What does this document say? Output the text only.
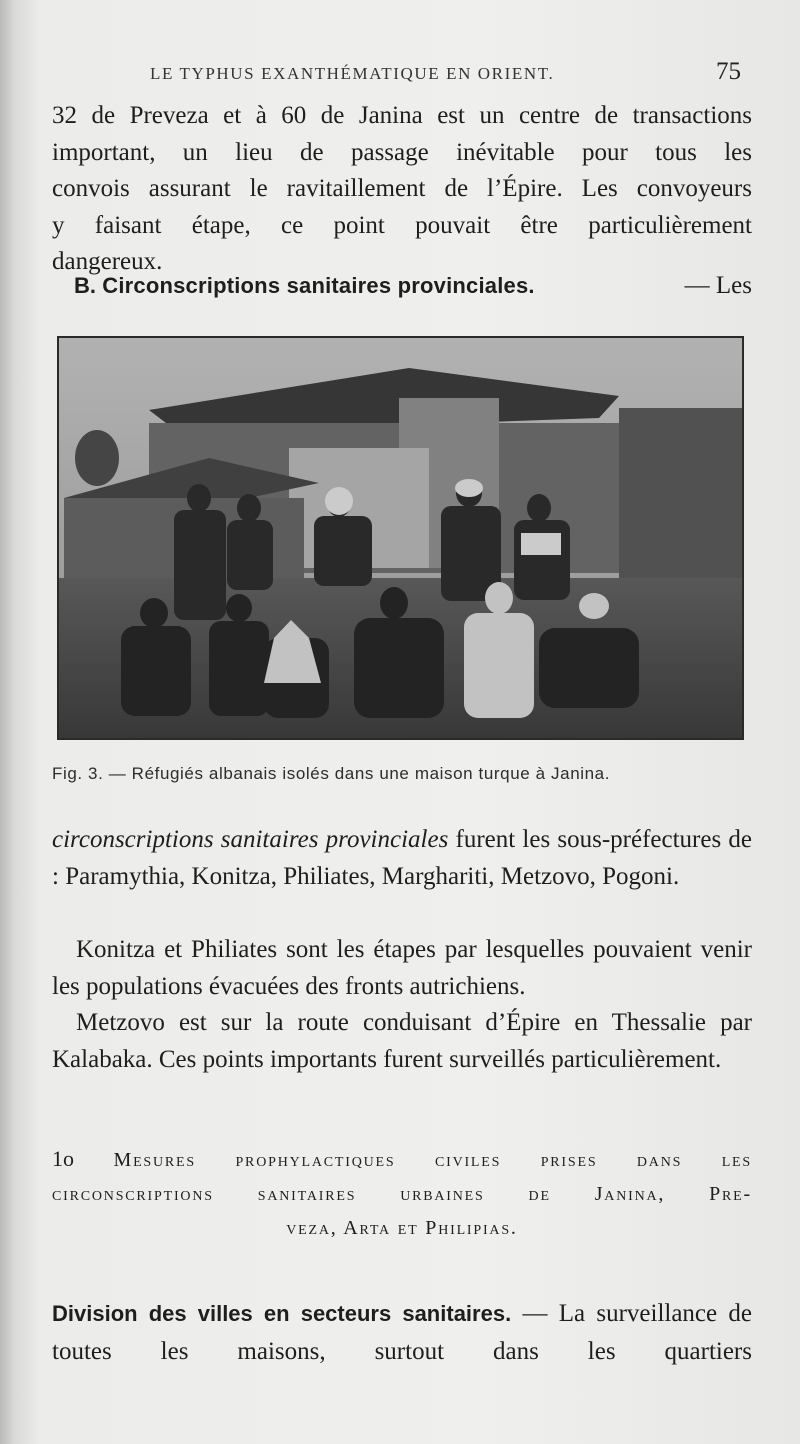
LE TYPHUS EXANTHÉMATIQUE EN ORIENT.	75

32 de Preveza et à 60 de Janina est un centre de transactions

important, un lieu de passage inévitable pour tous les

convois assurant le ravitaillement de l’Épire. Les convoyeurs

y faisant étape, ce point pouvait être particulièrement

dangereux.

B. Circonscriptions sanitaires provinciales.	— Les
Fig. 3. — Réfugiés albanais isolés dans une maison turque à Janina.

circonscriptions sanitaires provinciales furent les sous-préfectures de : Paramythia, Konitza, Philiates, Marghariti, Metzovo, Pogoni.

Konitza et Philiates sont les étapes par lesquelles pouvaient venir les populations évacuées des fronts autrichiens.

Metzovo est sur la route conduisant d’Épire en Thessalie par Kalabaka. Ces points importants furent surveillés particulièrement.

1o Mesures prophylactiques civiles prises dans les
circonscriptions sanitaires urbaines de Janina, Pre-
veza, Arta et Philipias.

Division des villes en secteurs sanitaires. — La surveillance de toutes les maisons, surtout dans les quartiers
